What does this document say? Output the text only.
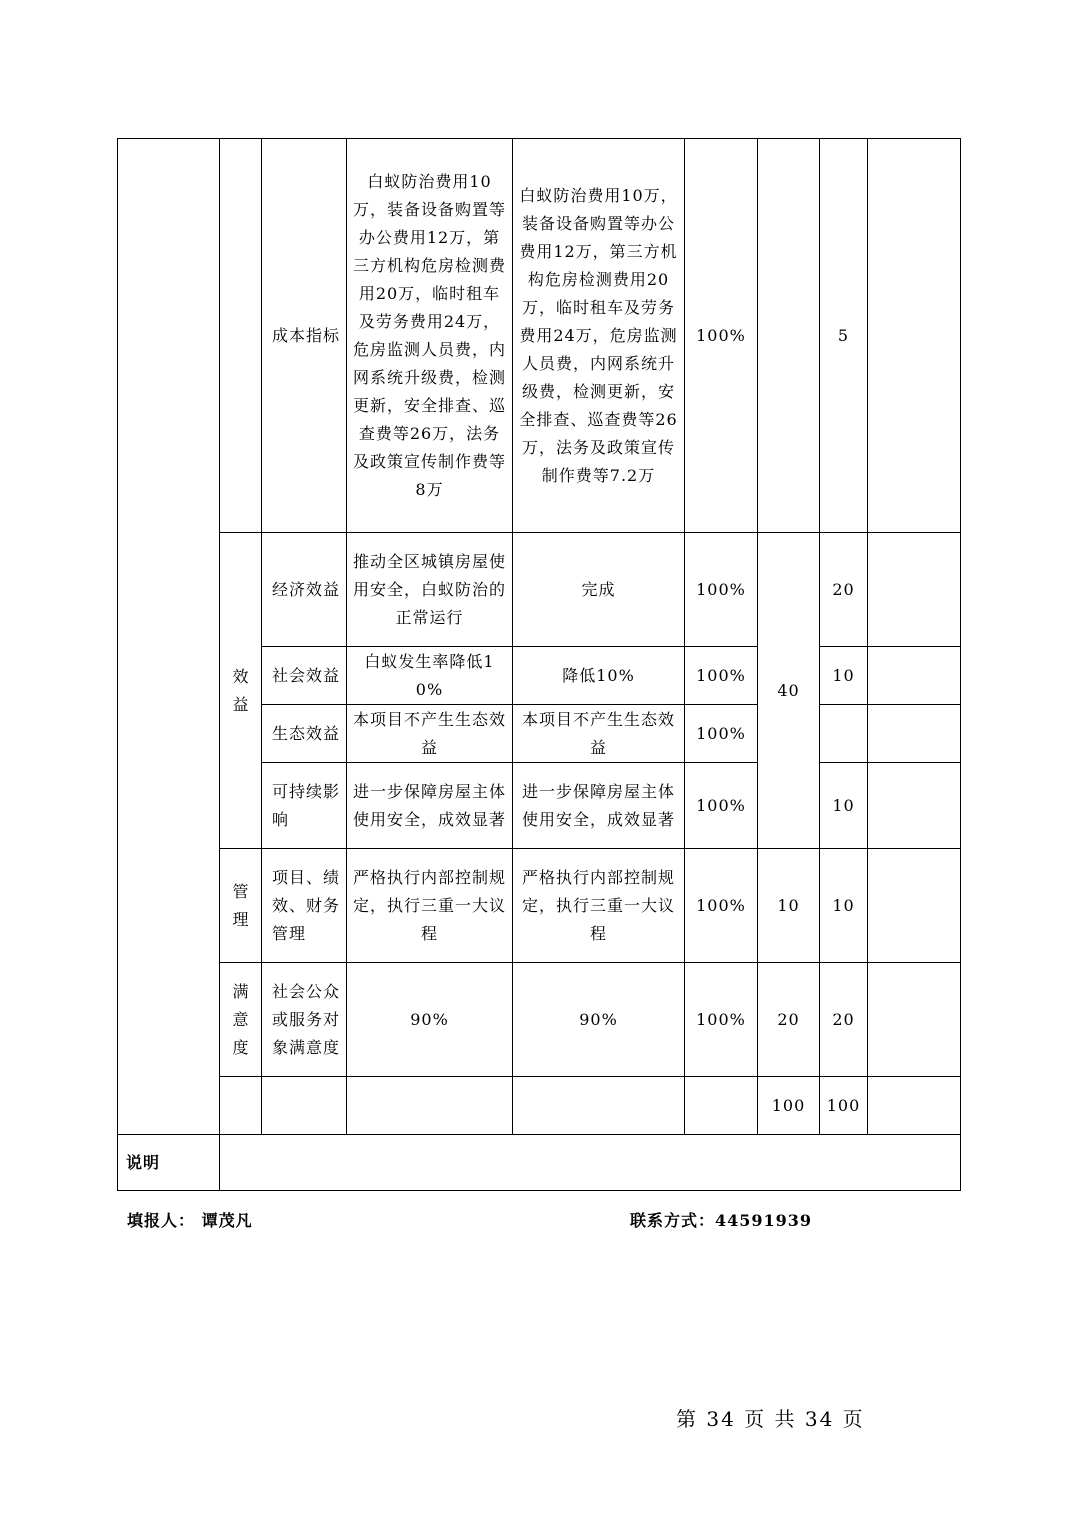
		成本指标	白蚁防治费用10万，装备设备购置等办公费用12万，第三方机构危房检测费用20万，临时租车及劳务费用24万，危房监测人员费，内网系统升级费，检测更新，安全排查、巡查费等26万，法务及政策宣传制作费等8万	白蚁防治费用10万，装备设备购置等办公费用12万，第三方机构危房检测费用20万，临时租车及劳务费用24万，危房监测人员费，内网系统升级费，检测更新，安全排查、巡查费等26万，法务及政策宣传制作费等7.2万	100%		5	
	效益	经济效益	推动全区城镇房屋使用安全，白蚁防治的正常运行	完成	100%	40	20	
		社会效益	白蚁发生率降低10%	降低10%	100%		10	
		生态效益	本项目不产生生态效益	本项目不产生生态效益	100%			
		可持续影响	进一步保障房屋主体使用安全，成效显著	进一步保障房屋主体使用安全，成效显著	100%		10	
	管理	项目、绩效、财务管理	严格执行内部控制规定，执行三重一大议程	严格执行内部控制规定，执行三重一大议程	100%	10	10	
	满意度	社会公众或服务对象满意度	90%	90%	100%	20	20	
						100	100	
说明								
填报人： 谭茂凡	联系方式：44591939
第 34 页 共 34 页
